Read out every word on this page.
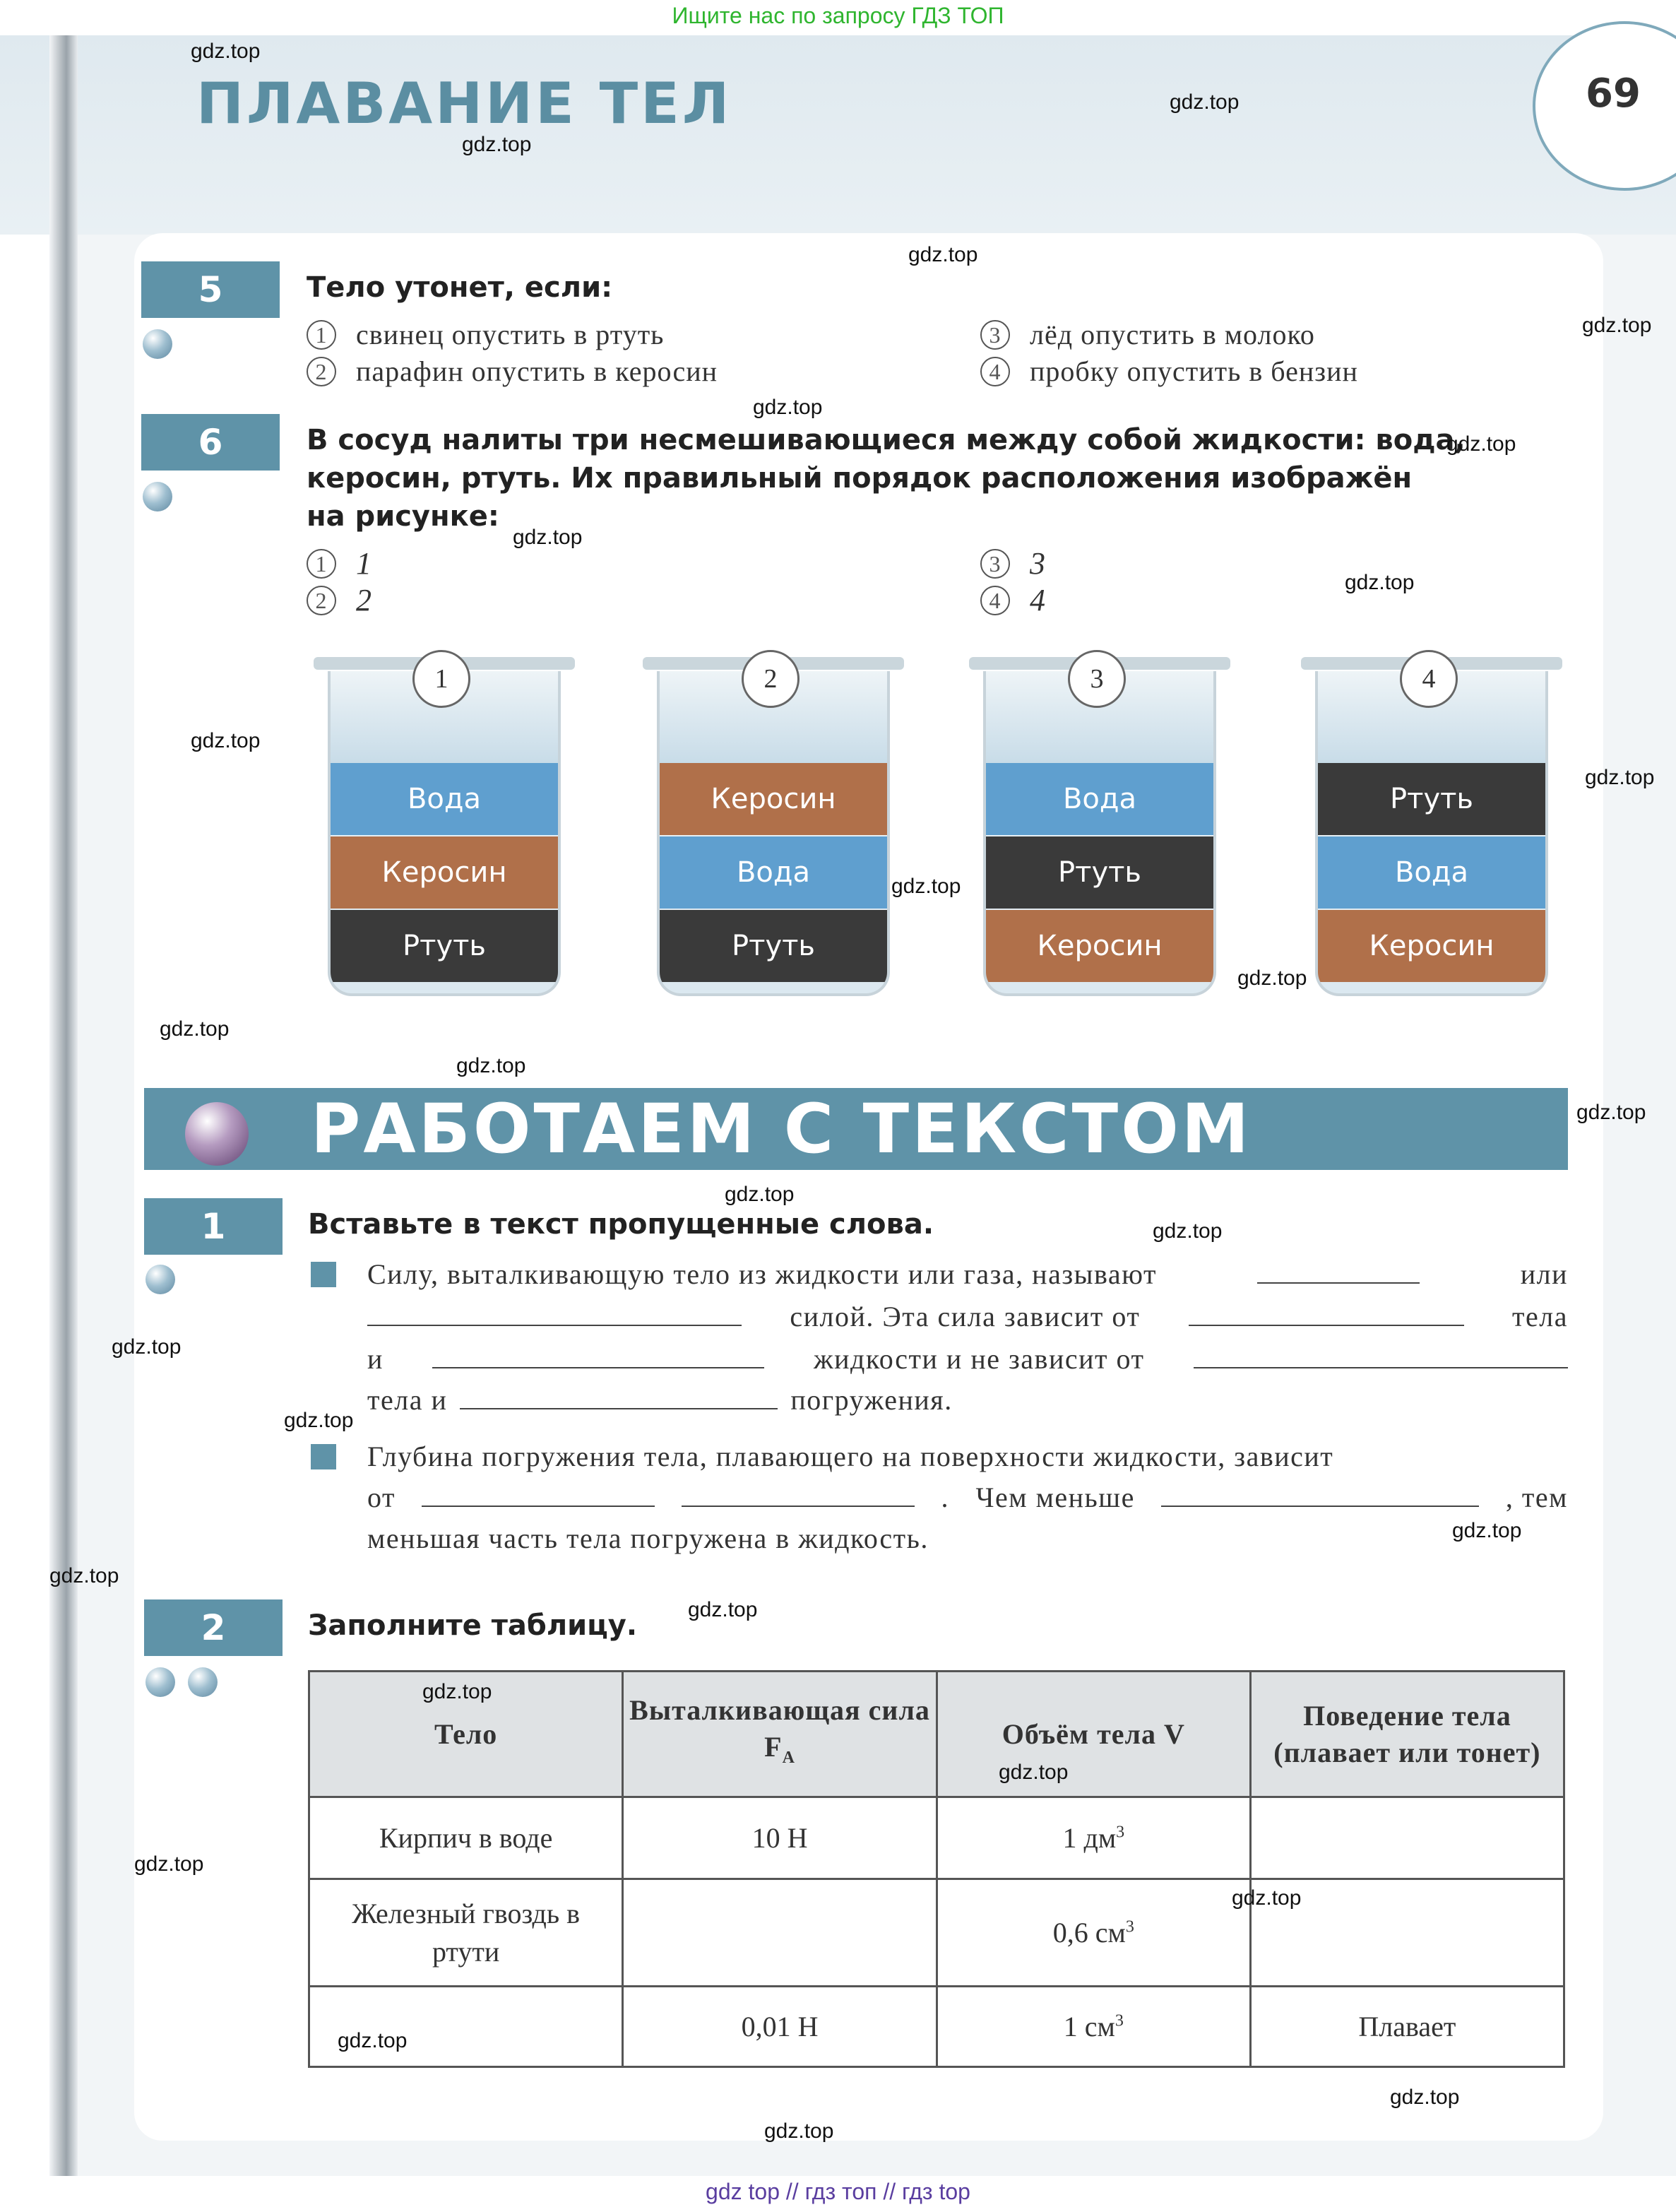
Ищите нас по запросу ГДЗ ТОП
ПЛАВАНИЕ ТЕЛ	69
5	Тело утонет, если:
1	свинец опустить в ртуть
2	парафин опустить в керосин
3	лёд опустить в молоко
4	пробку опустить в бензин
6	В сосуд налиты три несмешивающиеся между собой жидкости: вода,
керосин, ртуть. Их правильный порядок расположения изображён
на рисунке:
1 1
2 2
3 3
4 4
Вода
Керосин
Ртуть
1
Керосин
Вода
Ртуть
2
Вода
Ртуть
Керосин
3
Ртуть
Вода
Керосин
4
РАБОТАЕМ С ТЕКСТОМ
1	Вставьте в текст пропущенные слова.
Силу, выталкивающую тело из жидкости или газа, называют	или
силой. Эта сила зависит от	тела
и	жидкости и не зависит от
тела и	погружения.
Глубина погружения тела, плавающего на поверхности жидкости, зависит
от	. Чем меньше	, тем
меньшая часть тела погружена в жидкость.
2	Заполните таблицу.
Тело	Выталкивающая сила $F_A$	Объём тела V	Поведение тела (плавает или тонет)
Кирпич в воде	10 Н	1 $дм^3$	
Железный гвоздь в ртути		0,6 $см^3$	
	0,01 Н	1 $см^3$	Плавает
gdz.top
gdz.top
gdz.top
gdz.top
gdz.top
gdz.top
gdz.top
gdz.top
gdz.top
gdz.top
gdz.top
gdz.top
gdz.top
gdz.top
gdz.top
gdz.top
gdz.top
gdz.top
gdz.top
gdz.top
gdz.top
gdz.top
gdz.top
gdz.top
gdz.top
gdz.top
gdz.top
gdz.top
gdz.top
gdz.top
gdz top // гдз топ // гдз top
